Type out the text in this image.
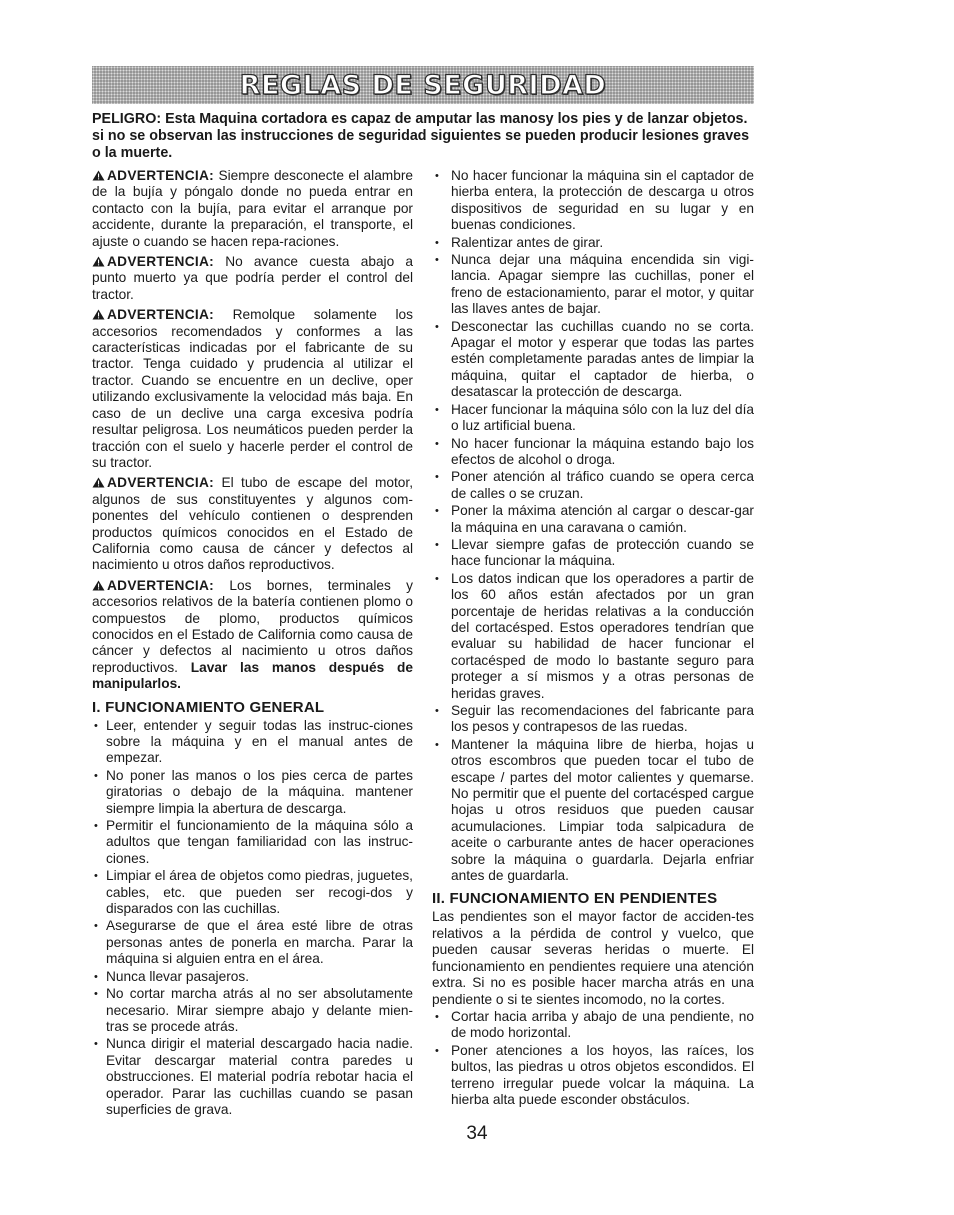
REGLAS DE SEGURIDAD
PELIGRO: Esta Maquina cortadora es capaz de amputar las manosy los pies y de lanzar objetos. si no se observan las instrucciones de seguridad siguientes se pueden producir lesiones graves o la muerte.

ADVERTENCIA: Siempre desconecte el alambre de la bujía y póngalo donde no pueda entrar en contacto con la bujía, para evitar el arranque por accidente, durante la preparación, el transporte, el ajuste o cuando se hacen repa-raciones.

ADVERTENCIA: No avance cuesta abajo a punto muerto ya que podría perder el control del tractor.

ADVERTENCIA: Remolque solamente los accesorios recomendados y conformes a las características indicadas por el fabricante de su tractor. Tenga cuidado y prudencia al utilizar el tractor. Cuando se encuentre en un declive, oper utilizando exclusivamente la velocidad más baja. En caso de un declive una carga excesiva podría resultar peligrosa. Los neumáticos pueden perder la tracción con el suelo y hacerle perder el control de su tractor.

ADVERTENCIA: El tubo de escape del motor, algunos de sus constituyentes y algunos com-ponentes del vehículo contienen o desprenden productos químicos conocidos en el Estado de California como causa de cáncer y defectos al nacimiento u otros daños reproductivos.

ADVERTENCIA: Los bornes, terminales y accesorios relativos de la batería contienen plomo o compuestos de plomo, productos químicos conocidos en el Estado de California como causa de cáncer y defectos al nacimiento u otros daños reproductivos. Lavar las manos después de manipularlos.

I. FUNCIONAMIENTO GENERAL
• Leer, entender y seguir todas las instruc-ciones sobre la máquina y en el manual antes de empezar.
• No poner las manos o los pies cerca de partes giratorias o debajo de la máquina. mantener siempre limpia la abertura de descarga.
• Permitir el funcionamiento de la máquina sólo a adultos que tengan familiaridad con las instruc-ciones.
• Limpiar el área de objetos como piedras, juguetes, cables, etc. que pueden ser recogi-dos y disparados con las cuchillas.
• Asegurarse de que el área esté libre de otras personas antes de ponerla en marcha. Parar la máquina si alguien entra en el área.
• Nunca llevar pasajeros.
• No cortar marcha atrás al no ser absolutamente necesario. Mirar siempre abajo y delante mien-tras se procede atrás.
• Nunca dirigir el material descargado hacia nadie. Evitar descargar material contra paredes u obstrucciones. El material podría rebotar hacia el operador. Parar las cuchillas cuando se pasan superficies de grava.
• No hacer funcionar la máquina sin el captador de hierba entera, la protección de descarga u otros dispositivos de seguridad en su lugar y en buenas condiciones.
• Ralentizar antes de girar.
• Nunca dejar una máquina encendida sin vigi-lancia. Apagar siempre las cuchillas, poner el freno de estacionamiento, parar el motor, y quitar las llaves antes de bajar.
• Desconectar las cuchillas cuando no se corta. Apagar el motor y esperar que todas las partes estén completamente paradas antes de limpiar la máquina, quitar el captador de hierba, o desatascar la protección de descarga.
• Hacer funcionar la máquina sólo con la luz del día o luz artificial buena.
• No hacer funcionar la máquina estando bajo los efectos de alcohol o droga.
• Poner atención al tráfico cuando se opera cerca de calles o se cruzan.
• Poner la máxima atención al cargar o descar-gar la máquina en una caravana o camión.
• Llevar siempre gafas de protección cuando se hace funcionar la máquina.
• Los datos indican que los operadores a partir de los 60 años están afectados por un gran porcentaje de heridas relativas a la conducción del cortacésped. Estos operadores tendrían que evaluar su habilidad de hacer funcionar el cortacésped de modo lo bastante seguro para proteger a sí mismos y a otras personas de heridas graves.
• Seguir las recomendaciones del fabricante para los pesos y contrapesos de las ruedas.
• Mantener la máquina libre de hierba, hojas u otros escombros que pueden tocar el tubo de escape / partes del motor calientes y quemarse. No permitir que el puente del cortacésped cargue hojas u otros residuos que pueden causar acumulaciones. Limpiar toda salpicadura de aceite o carburante antes de hacer operaciones sobre la máquina o guardarla. Dejarla enfriar antes de guardarla.
II. FUNCIONAMIENTO EN PENDIENTES

Las pendientes son el mayor factor de acciden-tes relativos a la pérdida de control y vuelco, que pueden causar severas heridas o muerte. El funcionamiento en pendientes requiere una atención extra. Si no es posible hacer marcha atrás en una pendiente o si te sientes incomodo, no la cortes.

• Cortar hacia arriba y abajo de una pendiente, no de modo horizontal.
• Poner atenciones a los hoyos, las raíces, los bultos, las piedras u otros objetos escondidos. El terreno irregular puede volcar la máquina. La hierba alta puede esconder obstáculos.
34
